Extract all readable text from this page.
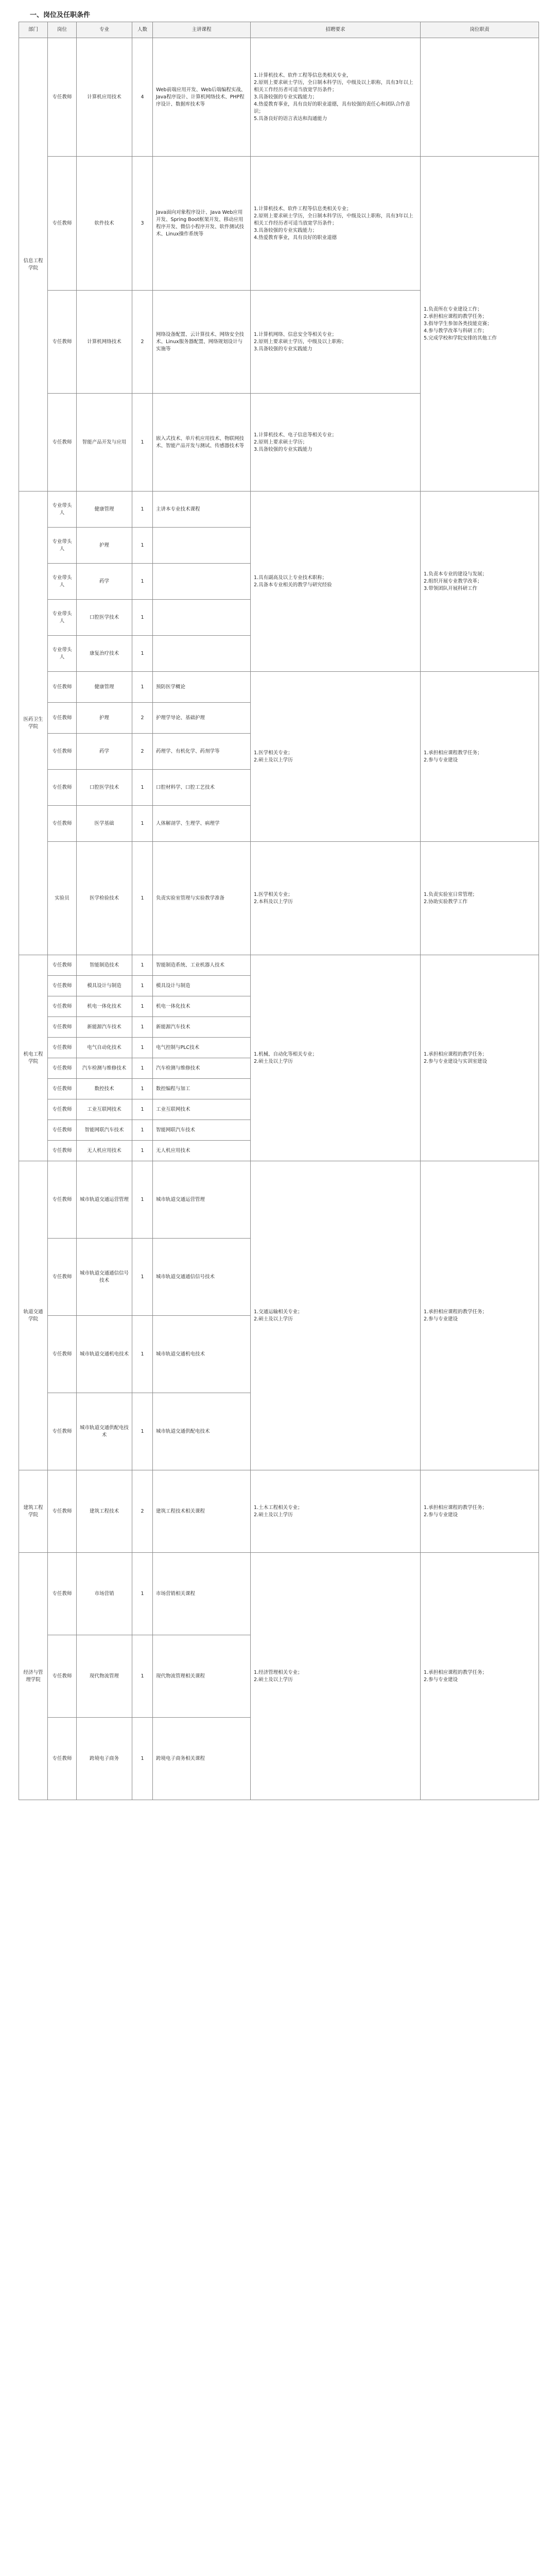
一、岗位及任职条件
部门	岗位	专业	人数	主讲课程	招聘要求	岗位职责
信息工程学院	专任教师	计算机应用技术	4	Web前端应用开发、Web后端编程实战、Java程序设计、计算机网络技术、PHP程序设计、数据库技术等	1.计算机技术、软件工程等信息类相关专业，
2.原则上要求硕士学历，全日制本科学历，中级及以上职称，具有3年以上相关工作经历者可适当放宽学历条件；
3.具备较强的专业实践能力；
4.热爱教育事业，具有良好的职业道德，具有较强的责任心和团队合作意识；
5.具备良好的语言表达和沟通能力	
	专任教师	软件技术	3	Java面向对象程序设计、Java Web应用开发、Spring Boot框架开发、移动应用程序开发、微信小程序开发、软件测试技术、Linux操作系统等	1.计算机技术、软件工程等信息类相关专业；
2.原则上要求硕士学历，全日制本科学历，中级及以上职称，具有3年以上相关工作经历者可适当放宽学历条件；
3.具备较强的专业实践能力；
4.热爱教育事业，具有良好的职业道德	1.负责所在专业建设工作；
2.承担相应课程的教学任务；
3.指导学生参加各类技能竞赛；
4.参与教学改革与科研工作；
5.完成学校和学院安排的其他工作
	专任教师	计算机网络技术	2	网络设备配置、云计算技术、网络安全技术、Linux服务器配置、网络规划设计与实施等	1.计算机网络、信息安全等相关专业；
2.原则上要求硕士学历，中级及以上职称；
3.具备较强的专业实践能力	
	专任教师	智能产品开发与应用	1	嵌入式技术、单片机应用技术、物联网技术、智能产品开发与测试、传感器技术等	1.计算机技术、电子信息等相关专业；
2.原则上要求硕士学历；
3.具备较强的专业实践能力	
医药卫生学院	专业带头人	健康管理	1	主讲本专业技术课程	1.具有副高及以上专业技术职称；
2.具备本专业相关的教学与研究经验	1.负责本专业的建设与发展；
2.组织开展专业教学改革；
3.带领团队开展科研工作
	专业带头人	护理	1			
	专业带头人	药学	1			
	专业带头人	口腔医学技术	1			
	专业带头人	康复治疗技术	1			
	专任教师	健康管理	1	预防医学概论	1.医学相关专业；
2.硕士及以上学历	1.承担相应课程教学任务；
2.参与专业建设
	专任教师	护理	2	护理学导论、基础护理		
	专任教师	药学	2	药理学、有机化学、药剂学等		
	专任教师	口腔医学技术	1	口腔材料学、口腔工艺技术		
	专任教师	医学基础	1	人体解剖学、生理学、病理学		
	实验员	医学检验技术	1	负责实验室管理与实验教学准备	1.医学相关专业；
2.本科及以上学历	1.负责实验室日常管理；
2.协助实验教学工作
机电工程学院	专任教师	智能制造技术	1	智能制造系统、工业机器人技术	1.机械、自动化等相关专业；
2.硕士及以上学历	1.承担相应课程的教学任务；
2.参与专业建设与实训室建设
	专任教师	模具设计与制造	1	模具设计与制造		
	专任教师	机电一体化技术	1	机电一体化技术		
	专任教师	新能源汽车技术	1	新能源汽车技术		
	专任教师	电气自动化技术	1	电气控制与PLC技术		
	专任教师	汽车检测与维修技术	1	汽车检测与维修技术		
	专任教师	数控技术	1	数控编程与加工		
	专任教师	工业互联网技术	1	工业互联网技术		
	专任教师	智能网联汽车技术	1	智能网联汽车技术		
	专任教师	无人机应用技术	1	无人机应用技术		
轨道交通学院	专任教师	城市轨道交通运营管理	1	城市轨道交通运营管理	1.交通运输相关专业；
2.硕士及以上学历	1.承担相应课程的教学任务；
2.参与专业建设
	专任教师	城市轨道交通通信信号技术	1	城市轨道交通通信信号技术		
	专任教师	城市轨道交通机电技术	1	城市轨道交通机电技术		
	专任教师	城市轨道交通供配电技术	1	城市轨道交通供配电技术		
建筑工程学院	专任教师	建筑工程技术	2	建筑工程技术相关课程	1.土木工程相关专业；
2.硕士及以上学历	1.承担相应课程的教学任务；
2.参与专业建设
经济与管理学院	专任教师	市场营销	1	市场营销相关课程	1.经济管理相关专业；
2.硕士及以上学历	1.承担相应课程的教学任务；
2.参与专业建设
	专任教师	现代物流管理	1	现代物流管理相关课程		
	专任教师	跨境电子商务	1	跨境电子商务相关课程		
